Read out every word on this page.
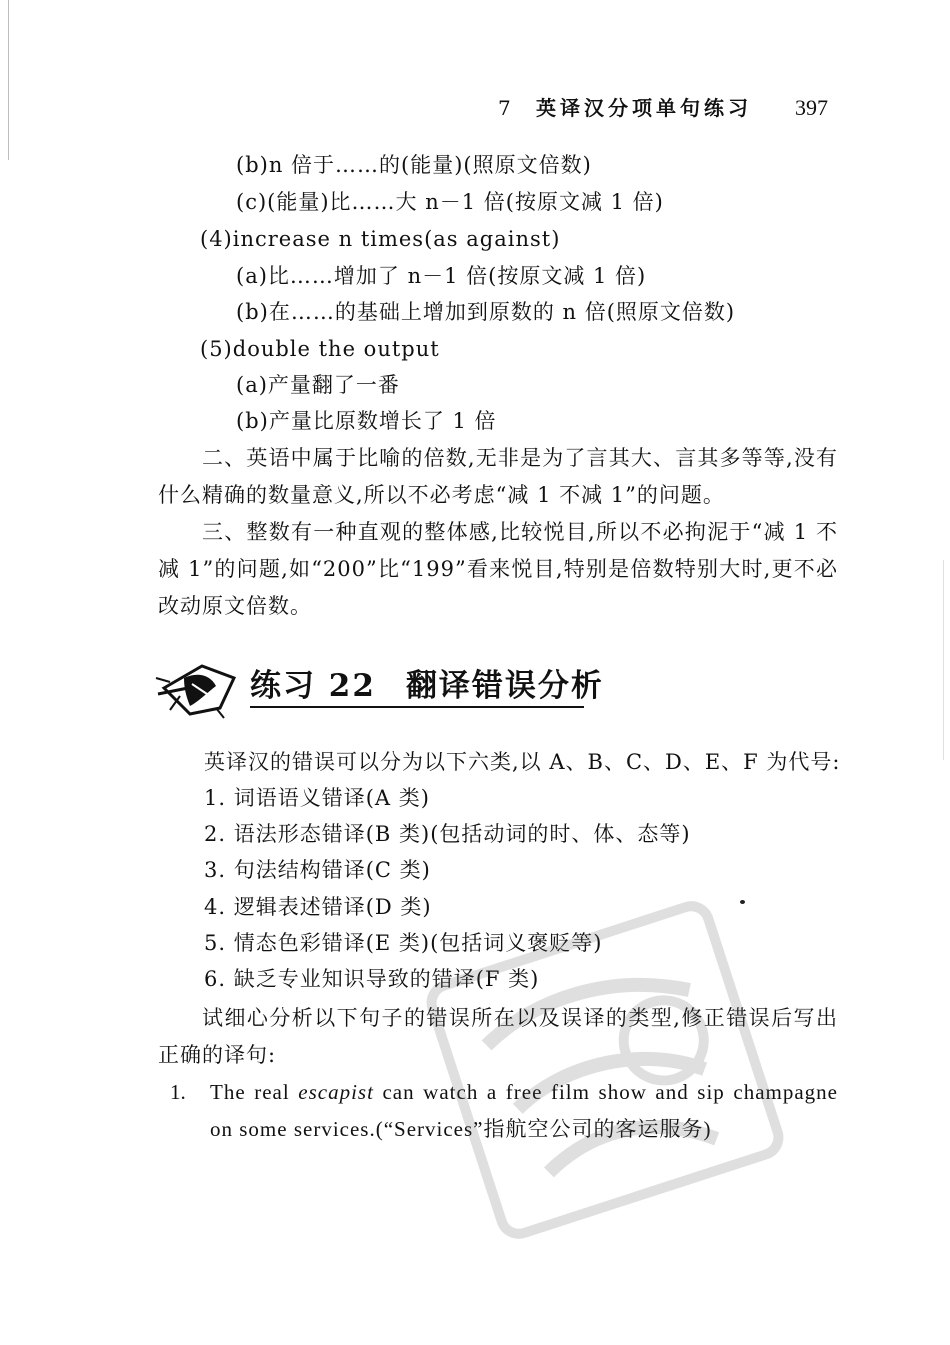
7 英译汉分项单句练习 397
(b)n 倍于……的(能量)(照原文倍数)
(c)(能量)比……大 n－1 倍(按原文减 1 倍)
(4)increase n times(as against)
(a)比……增加了 n－1 倍(按原文减 1 倍)
(b)在……的基础上增加到原数的 n 倍(照原文倍数)
(5)double the output
(a)产量翻了一番
(b)产量比原数增长了 1 倍

二、英语中属于比喻的倍数,无非是为了言其大、言其多等等,没有什么精确的数量意义,所以不必考虑“减 1 不减 1”的问题。

三、整数有一种直观的整体感,比较悦目,所以不必拘泥于“减 1 不减 1”的问题,如“200”比“199”看来悦目,特别是倍数特别大时,更不必改动原文倍数。

练习 22 翻译错误分析
英译汉的错误可以分为以下六类,以 A、B、C、D、E、F 为代号:
1. 词语语义错译(A 类)
2. 语法形态错译(B 类)(包括动词的时、体、态等)
3. 句法结构错译(C 类)
4. 逻辑表述错译(D 类)
5. 情态色彩错译(E 类)(包括词义褒贬等)
6. 缺乏专业知识导致的错译(F 类)

试细心分析以下句子的错误所在以及误译的类型,修正错误后写出正确的译句:

1. The real escapist can watch a free film show and sip champagne on some services.(“Services”指航空公司的客运服务)
